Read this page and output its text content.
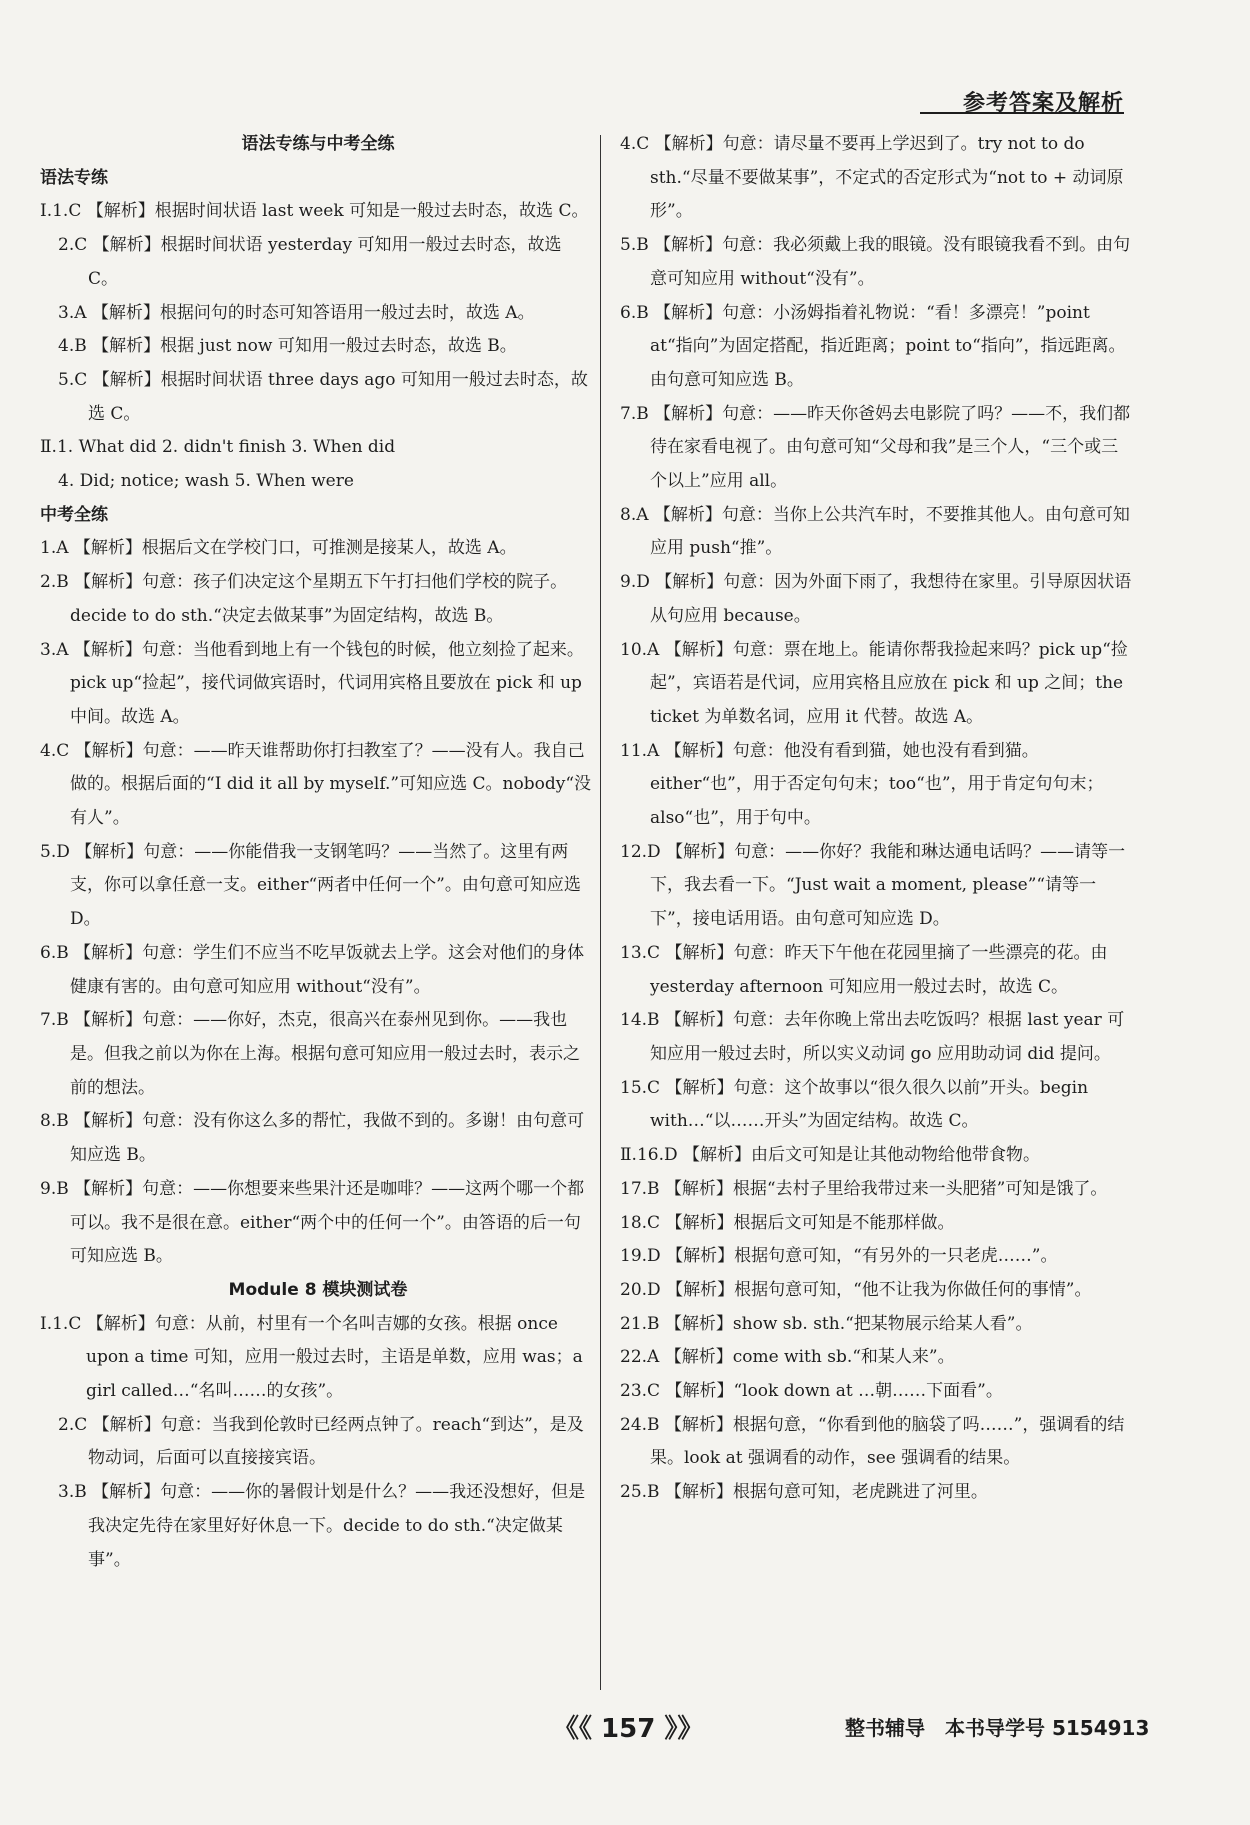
参考答案及解析
语法专练与中考全练
语法专练
Ⅰ.1.C 【解析】根据时间状语 last week 可知是一般过去时态，故选 C。
2.C 【解析】根据时间状语 yesterday 可知用一般过去时态，故选 C。
3.A 【解析】根据问句的时态可知答语用一般过去时，故选 A。
4.B 【解析】根据 just now 可知用一般过去时态，故选 B。
5.C 【解析】根据时间状语 three days ago 可知用一般过去时态，故选 C。
Ⅱ.1. What did 2. didn't finish 3. When did
4. Did; notice; wash 5. When were
中考全练
1.A 【解析】根据后文在学校门口，可推测是接某人，故选 A。
2.B 【解析】句意：孩子们决定这个星期五下午打扫他们学校的院子。decide to do sth.“决定去做某事”为固定结构，故选 B。
3.A 【解析】句意：当他看到地上有一个钱包的时候，他立刻捡了起来。pick up“捡起”，接代词做宾语时，代词用宾格且要放在 pick 和 up 中间。故选 A。
4.C 【解析】句意：——昨天谁帮助你打扫教室了？——没有人。我自己做的。根据后面的“I did it all by myself.”可知应选 C。nobody“没有人”。
5.D 【解析】句意：——你能借我一支钢笔吗？——当然了。这里有两支，你可以拿任意一支。either“两者中任何一个”。由句意可知应选 D。
6.B 【解析】句意：学生们不应当不吃早饭就去上学。这会对他们的身体健康有害的。由句意可知应用 without“没有”。
7.B 【解析】句意：——你好，杰克，很高兴在泰州见到你。——我也是。但我之前以为你在上海。根据句意可知应用一般过去时，表示之前的想法。
8.B 【解析】句意：没有你这么多的帮忙，我做不到的。多谢！由句意可知应选 B。
9.B 【解析】句意：——你想要来些果汁还是咖啡？——这两个哪一个都可以。我不是很在意。either“两个中的任何一个”。由答语的后一句可知应选 B。
Module 8 模块测试卷
Ⅰ.1.C 【解析】句意：从前，村里有一个名叫吉娜的女孩。根据 once upon a time 可知，应用一般过去时，主语是单数，应用 was；a girl called…“名叫……的女孩”。
2.C 【解析】句意：当我到伦敦时已经两点钟了。reach“到达”，是及物动词，后面可以直接接宾语。
3.B 【解析】句意：——你的暑假计划是什么？——我还没想好，但是我决定先待在家里好好休息一下。decide to do sth.“决定做某事”。
4.C 【解析】句意：请尽量不要再上学迟到了。try not to do sth.“尽量不要做某事”，不定式的否定形式为“not to + 动词原形”。
5.B 【解析】句意：我必须戴上我的眼镜。没有眼镜我看不到。由句意可知应用 without“没有”。
6.B 【解析】句意：小汤姆指着礼物说：“看！多漂亮！”point at“指向”为固定搭配，指近距离；point to“指向”，指远距离。由句意可知应选 B。
7.B 【解析】句意：——昨天你爸妈去电影院了吗？——不，我们都待在家看电视了。由句意可知“父母和我”是三个人，“三个或三个以上”应用 all。
8.A 【解析】句意：当你上公共汽车时，不要推其他人。由句意可知应用 push“推”。
9.D 【解析】句意：因为外面下雨了，我想待在家里。引导原因状语从句应用 because。
10.A 【解析】句意：票在地上。能请你帮我捡起来吗？pick up“捡起”，宾语若是代词，应用宾格且应放在 pick 和 up 之间；the ticket 为单数名词，应用 it 代替。故选 A。
11.A 【解析】句意：他没有看到猫，她也没有看到猫。either“也”，用于否定句句末；too“也”，用于肯定句句末；also“也”，用于句中。
12.D 【解析】句意：——你好？我能和琳达通电话吗？——请等一下，我去看一下。“Just wait a moment, please”“请等一下”，接电话用语。由句意可知应选 D。
13.C 【解析】句意：昨天下午他在花园里摘了一些漂亮的花。由 yesterday afternoon 可知应用一般过去时，故选 C。
14.B 【解析】句意：去年你晚上常出去吃饭吗？根据 last year 可知应用一般过去时，所以实义动词 go 应用助动词 did 提问。
15.C 【解析】句意：这个故事以“很久很久以前”开头。begin with…“以……开头”为固定结构。故选 C。
Ⅱ.16.D 【解析】由后文可知是让其他动物给他带食物。
17.B 【解析】根据“去村子里给我带过来一头肥猪”可知是饿了。
18.C 【解析】根据后文可知是不能那样做。
19.D 【解析】根据句意可知，“有另外的一只老虎……”。
20.D 【解析】根据句意可知，“他不让我为你做任何的事情”。
21.B 【解析】show sb. sth.“把某物展示给某人看”。
22.A 【解析】come with sb.“和某人来”。
23.C 【解析】“look down at …朝……下面看”。
24.B 【解析】根据句意，“你看到他的脑袋了吗……”，强调看的结果。look at 强调看的动作，see 强调看的结果。
25.B 【解析】根据句意可知，老虎跳进了河里。
《《 157 》》	整书辅导　本书导学号 5154913
